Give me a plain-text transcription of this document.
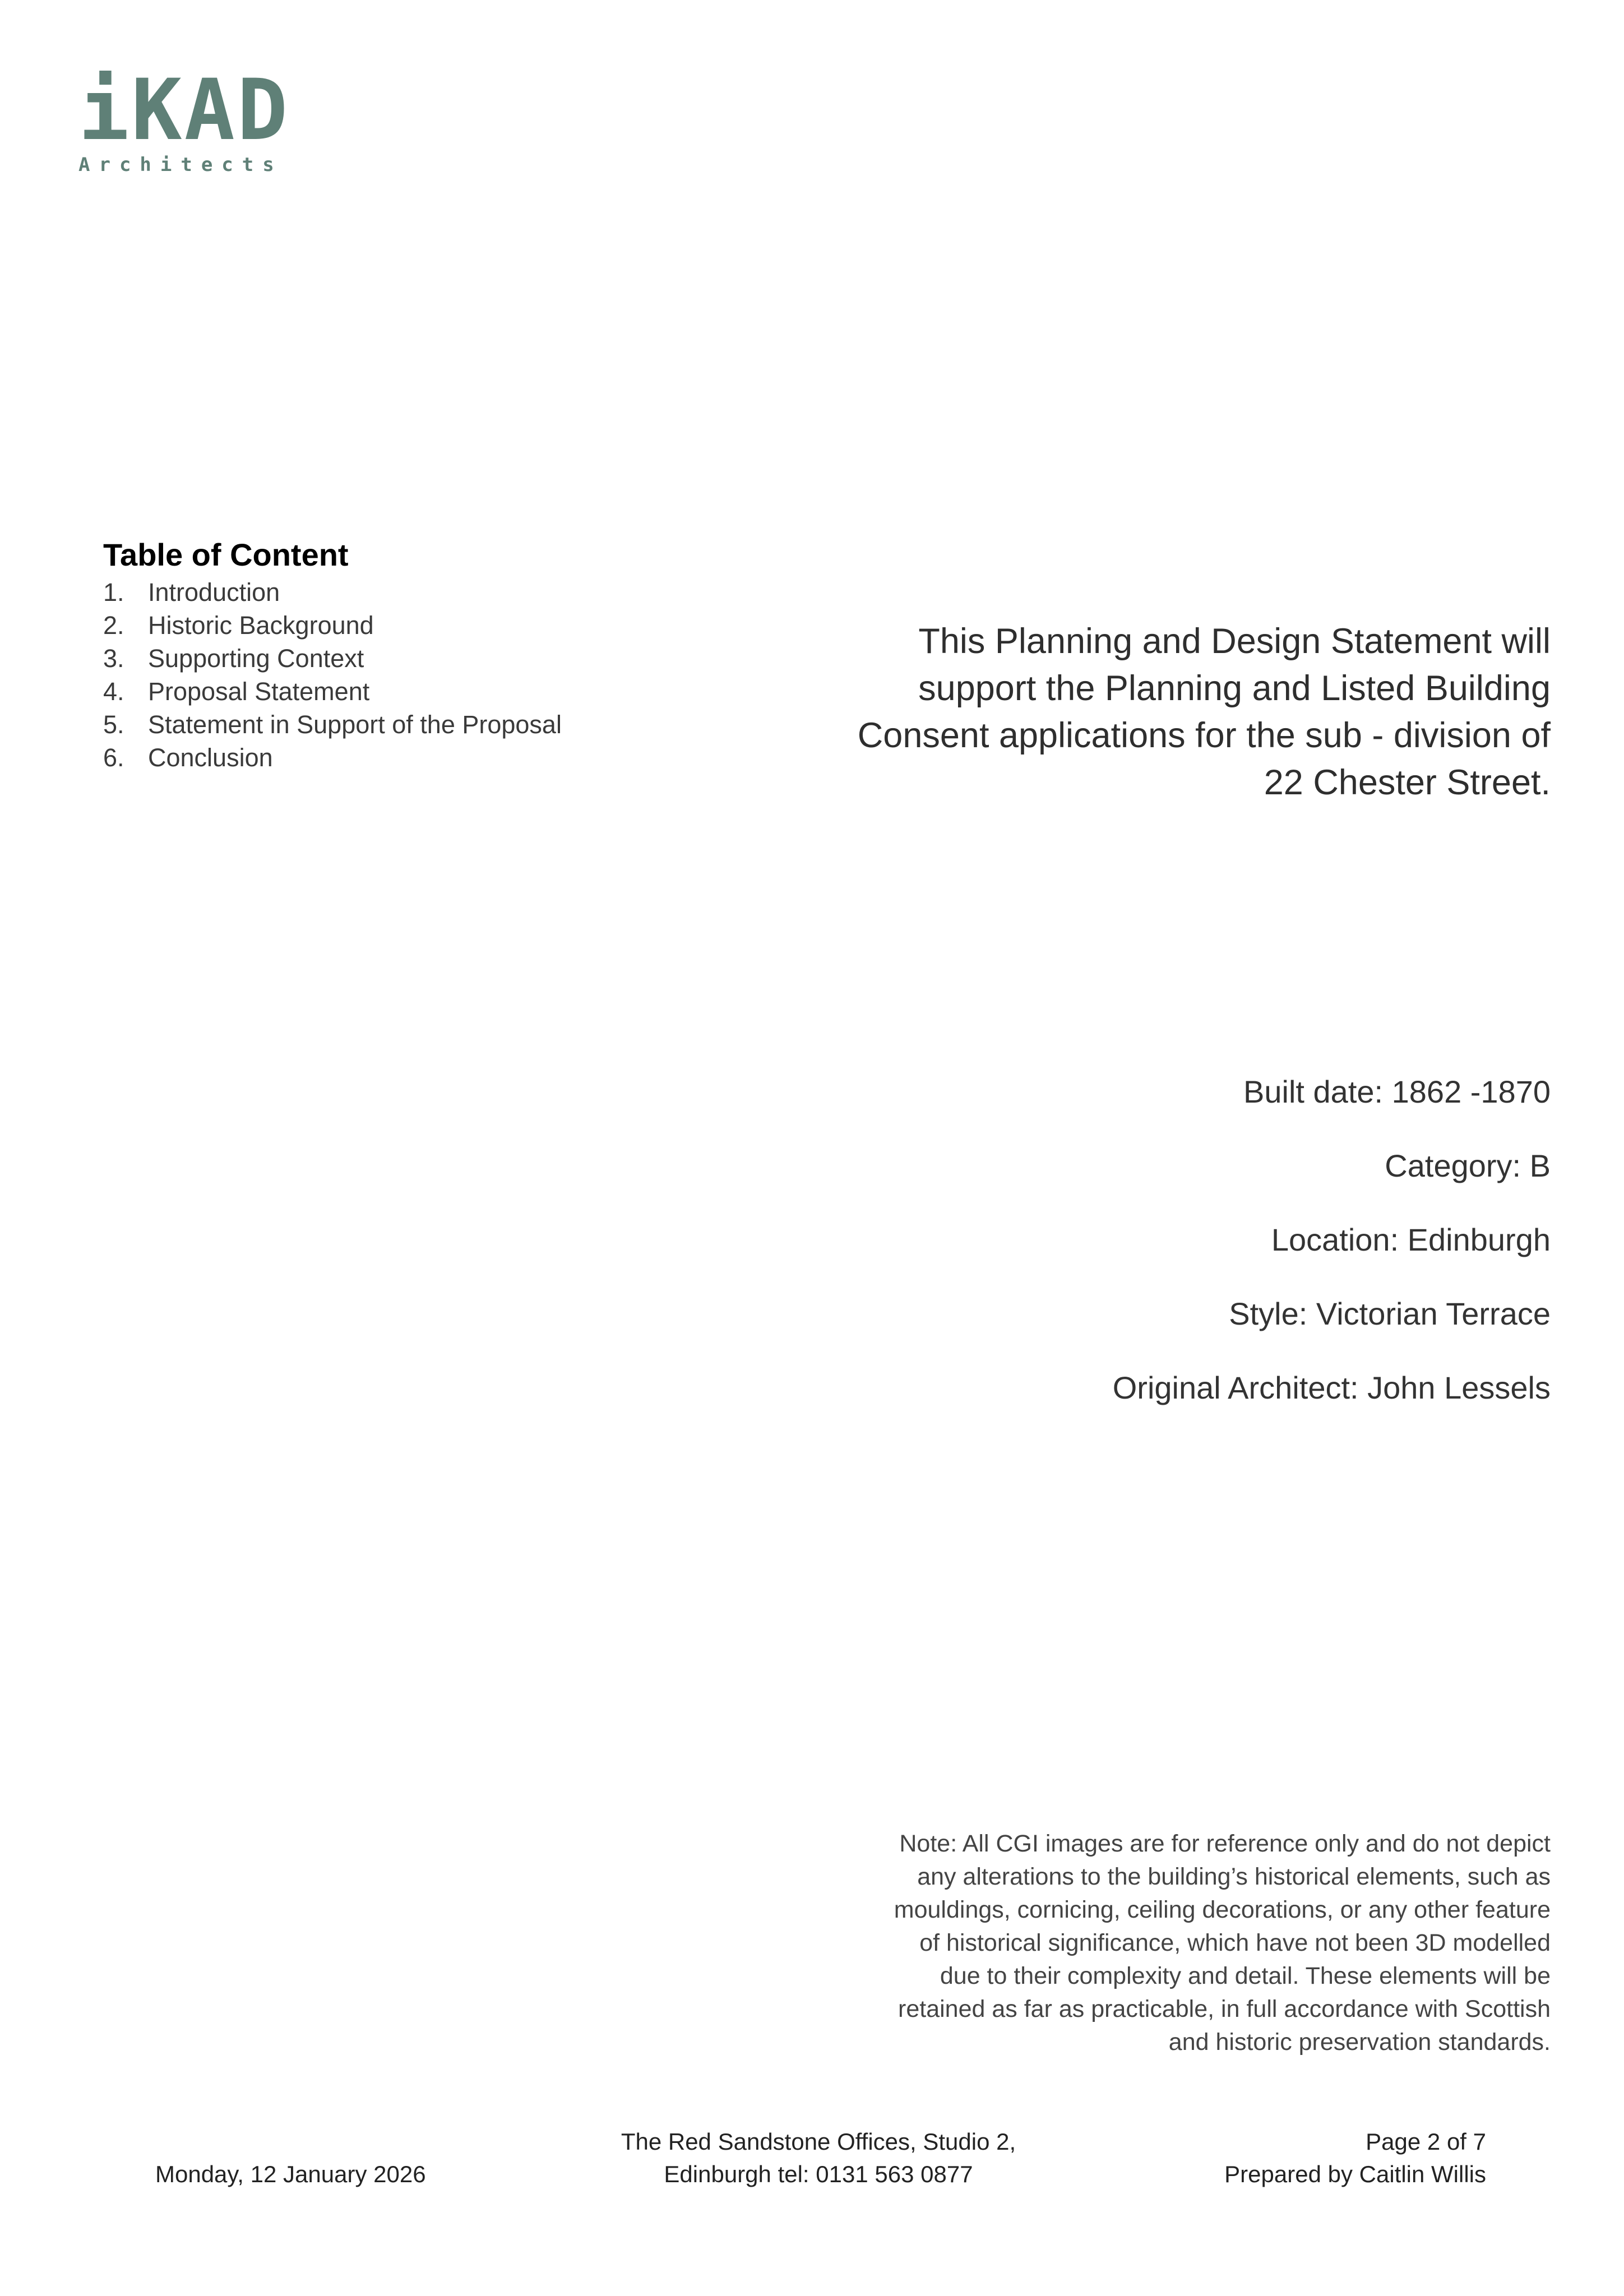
iKAD
Architects
Table of Content
1. Introduction
2. Historic Background
3. Supporting Context
4. Proposal Statement
5. Statement in Support of the Proposal
6. Conclusion
This Planning and Design Statement will
support the Planning and Listed Building
Consent applications for the sub - division of
22 Chester Street.
Built date: 1862 -1870
Category: B
Location: Edinburgh
Style: Victorian Terrace
Original Architect: John Lessels
Note: All CGI images are for reference only and do not depict
any alterations to the building’s historical elements, such as
mouldings, cornicing, ceiling decorations, or any other feature
of historical significance, which have not been 3D modelled
due to their complexity and detail. These elements will be
retained as far as practicable, in full accordance with Scottish
and historic preservation standards.
Monday, 12 January 2026
The Red Sandstone Offices, Studio 2,
Edinburgh tel: 0131 563 0877
Page 2 of 7
Prepared by Caitlin Willis
